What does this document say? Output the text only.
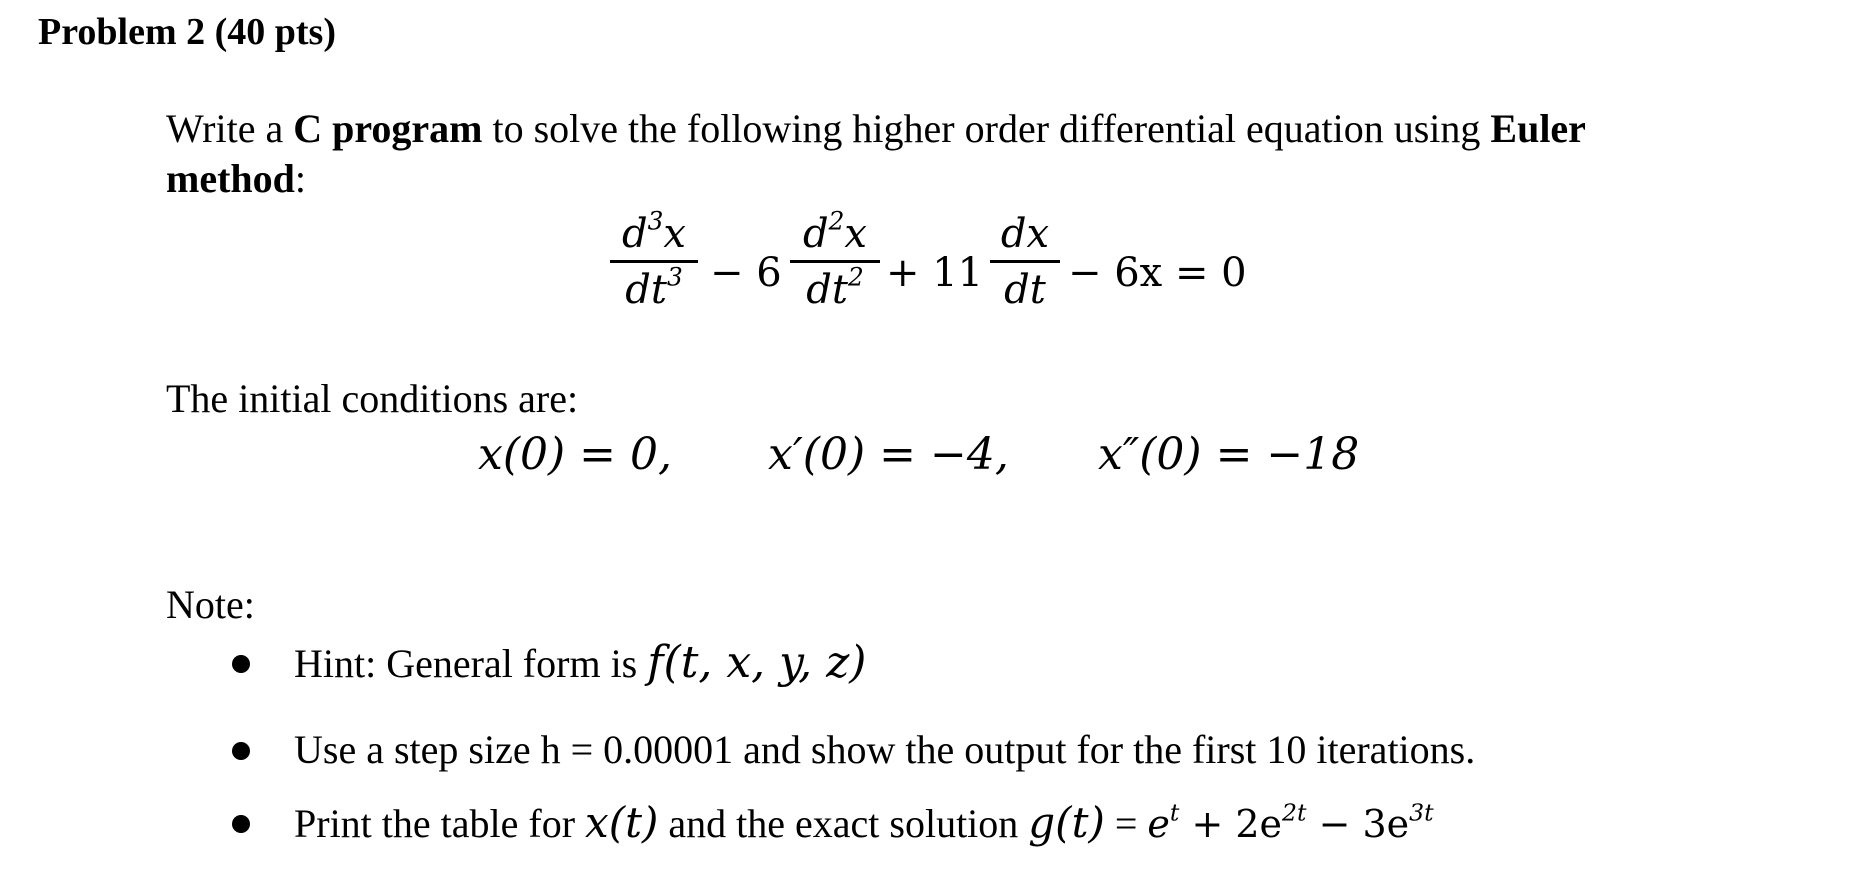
Problem 2 (40 pts)
Write a C program to solve the following higher order differential equation using Euler
method:
$d^3x$
$dt^3 - 6$
$d^2x$
$dt^2 + 11$
dx
dt − 6x = 0
The initial conditions are:
x(0) = 0, x′(0) = −4, x″(0) = −18
Note:
Hint: General form is f(t, x, y, z)
Use a step size h = 0.00001 and show the output for the first 10 iterations.
Print the table for x(t) and the exact solution $g(t) = e^t + 2e^{2t} - 3e^{3t}$
